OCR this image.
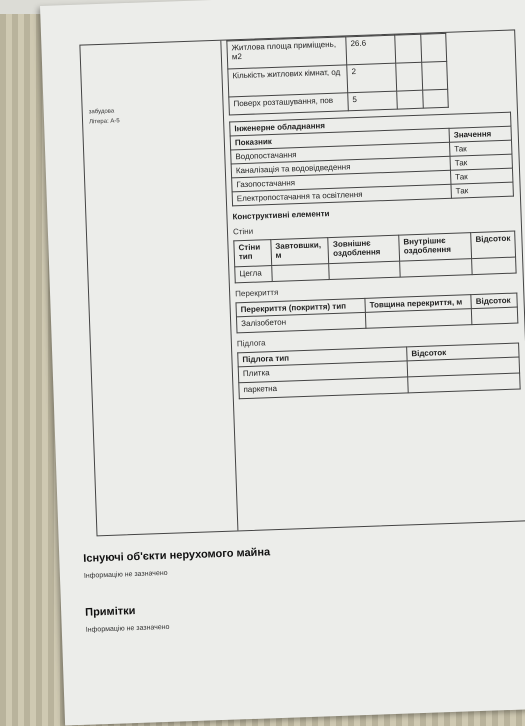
забудова
Літера: А-5
Житлова площа приміщень, м2	26.6		
Кількість житлових кімнат, од	2		
Поверх розташування, пов	5		
Інженерне обладнання	
Показник	Значення
Водопостачання	Так
Каналізація та водовідведення	Так
Газопостачання	Так
Електропостачання та освітлення	Так
Конструктивні елементи
Стіни
Стіни тип	Завтовшки, м	Зовнішнє оздоблення	Внутрішнє оздоблення	Відсоток
Цегла				
Перекриття
Перекриття (покриття) тип	Товщина перекриття, м	Відсоток
Залізобетон		
Підлога
Підлога тип	Відсоток
Плитка	
паркетна	
Існуючі об'єкти нерухомого майна
Інформацію не зазначено
Примітки
Інформацію не зазначено
